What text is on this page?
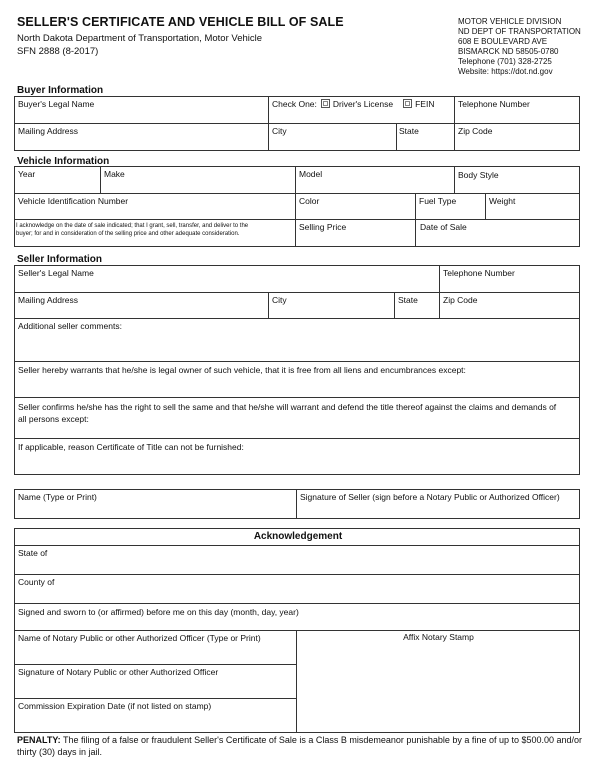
SELLER'S CERTIFICATE AND VEHICLE BILL OF SALE
North Dakota Department of Transportation, Motor Vehicle
SFN 2888 (8-2017)
MOTOR VEHICLE DIVISION
ND DEPT OF TRANSPORTATION
608 E BOULEVARD AVE
BISMARCK ND 58505-0780
Telephone (701) 328-2725
Website: https://dot.nd.gov
Buyer Information
Buyer's Legal Name	Check One: Driver's License	FEIN	Telephone Number
Mailing Address	City	State	Zip Code
Vehicle Information
Year	Make	Model	Body Style
Vehicle Identification Number	Color	Fuel Type	Weight
I acknowledge on the date of sale indicated; that I grant, sell, transfer, and deliver to the
buyer; for and in consideration of the selling price and other adequate consideration.
Selling Price	Date of Sale
Seller Information
Seller's Legal Name	Telephone Number
Mailing Address	City	State	Zip Code
Additional seller comments:
Seller hereby warrants that he/she is legal owner of such vehicle, that it is free from all liens and encumbrances except:
Seller confirms he/she has the right to sell the same and that he/she will warrant and defend the title thereof against the claims and demands of
all persons except:
If applicable, reason Certificate of Title can not be furnished:
Name (Type or Print)	Signature of Seller (sign before a Notary Public or Authorized Officer)
Acknowledgement
State of
County of
Signed and sworn to (or affirmed) before me on this day (month, day, year)
Name of Notary Public or other Authorized Officer (Type or Print)	Affix Notary Stamp
Signature of Notary Public or other Authorized Officer
Commission Expiration Date (if not listed on stamp)
PENALTY: The filing of a false or fraudulent Seller's Certificate of Sale is a Class B misdemeanor punishable by a fine of up to $500.00 and/or thirty (30) days in jail.
